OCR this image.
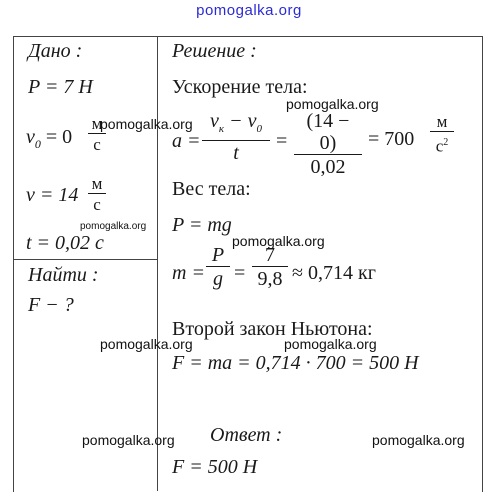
pomogalka.org
Дано :
P = 7 Н
$v_0 = 0$
м
с
v = 14
м
с
t = 0,02 с
Найти :
F − ?
Решение :
Ускорение тела:
a =
$v_к - v_0$
t
= $\frac{(14 - 0)}{0,02} = 700$
м
$с^2$
Вес тела:
P = mg
$m = \frac{P}{g} = \frac{7}{9,8} \approx 0,714$ кг
Второй закон Ньютона:
F = ma = 0,714 · 700 = 500 Н
Ответ :
F = 500 Н
pomogalka.org
pomogalka.org
pomogalka.org
pomogalka.org
pomogalka.org	pomogalka.org
pomogalka.org	pomogalka.org
